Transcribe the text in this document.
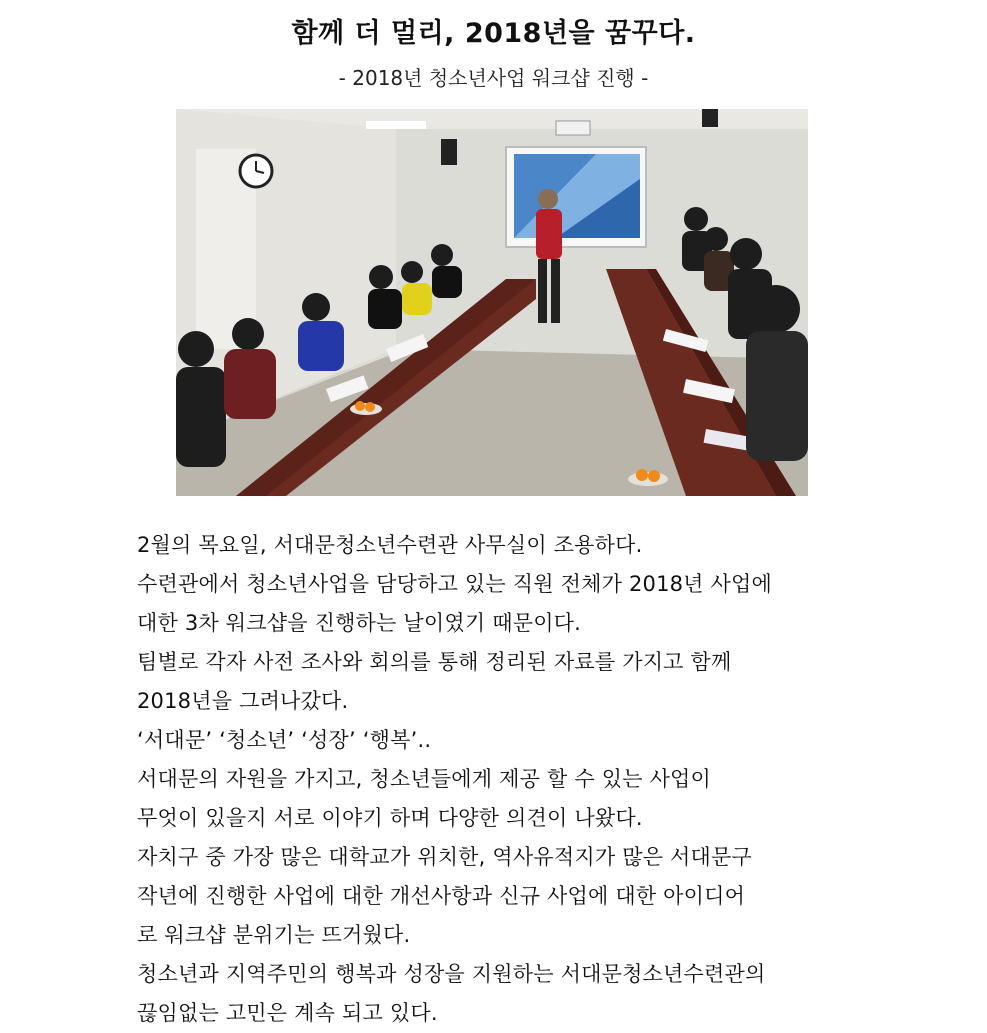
함께 더 멀리, 2018년을 꿈꾸다.
- 2018년 청소년사업 워크샵 진행 -

2월의 목요일, 서대문청소년수련관 사무실이 조용하다.

수련관에서 청소년사업을 담당하고 있는 직원 전체가 2018년 사업에

대한 3차 워크샵을 진행하는 날이였기 때문이다.

팀별로 각자 사전 조사와 회의를 통해 정리된 자료를 가지고 함께

2018년을 그려나갔다.

‘서대문’ ‘청소년’ ‘성장’ ‘행복’..

서대문의 자원을 가지고, 청소년들에게 제공 할 수 있는 사업이

무엇이 있을지 서로 이야기 하며 다양한 의견이 나왔다.

자치구 중 가장 많은 대학교가 위치한, 역사유적지가 많은 서대문구

작년에 진행한 사업에 대한 개선사항과 신규 사업에 대한 아이디어

로 워크샵 분위기는 뜨거웠다.

청소년과 지역주민의 행복과 성장을 지원하는 서대문청소년수련관의

끊임없는 고민은 계속 되고 있다.
